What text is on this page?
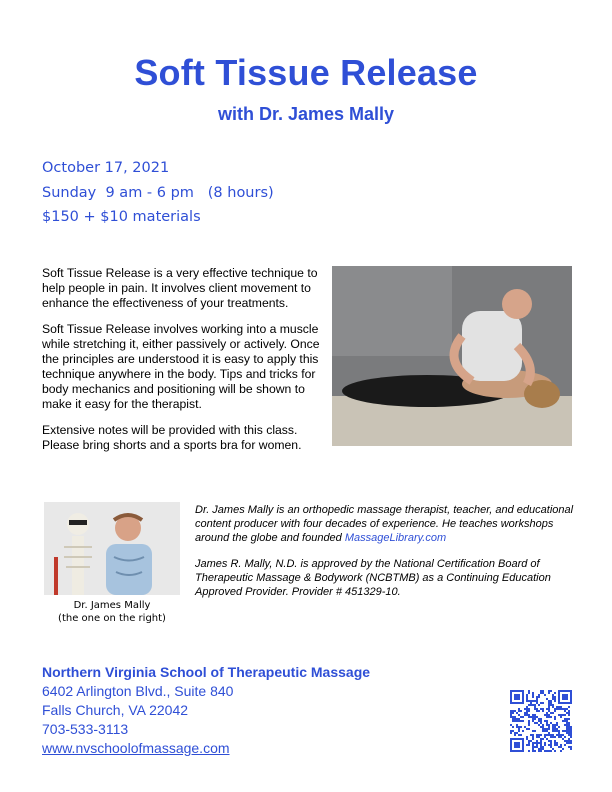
Soft Tissue Release
with Dr. James Mally
October 17, 2021
Sunday  9 am - 6 pm   (8 hours)
$150 + $10 materials

Soft Tissue Release is a very effective technique to help people in pain. It involves client movement to enhance the effectiveness of your treatments.

Soft Tissue Release involves working into a muscle while stretching it, either passively or actively. Once the principles are understood it is easy to apply this technique anywhere in the body. Tips and tricks for body mechanics and positioning will be shown to make it easy for the therapist.

Extensive notes will be provided with this class. Please bring shorts and a sports bra for women.

Dr. James Mally
(the one on the right)

Dr. James Mally is an orthopedic massage therapist, teacher, and educational content producer with four decades of experience. He teaches workshops around the globe and founded MassageLibrary.com

James R. Mally, N.D. is approved by the National Certification Board of Therapeutic Massage & Bodywork (NCBTMB) as a Continuing Education Approved Provider. Provider # 451329-10.

Northern Virginia School of Therapeutic Massage
6402 Arlington Blvd., Suite 840
Falls Church, VA 22042
703-533-3113
www.nvschoolofmassage.com
